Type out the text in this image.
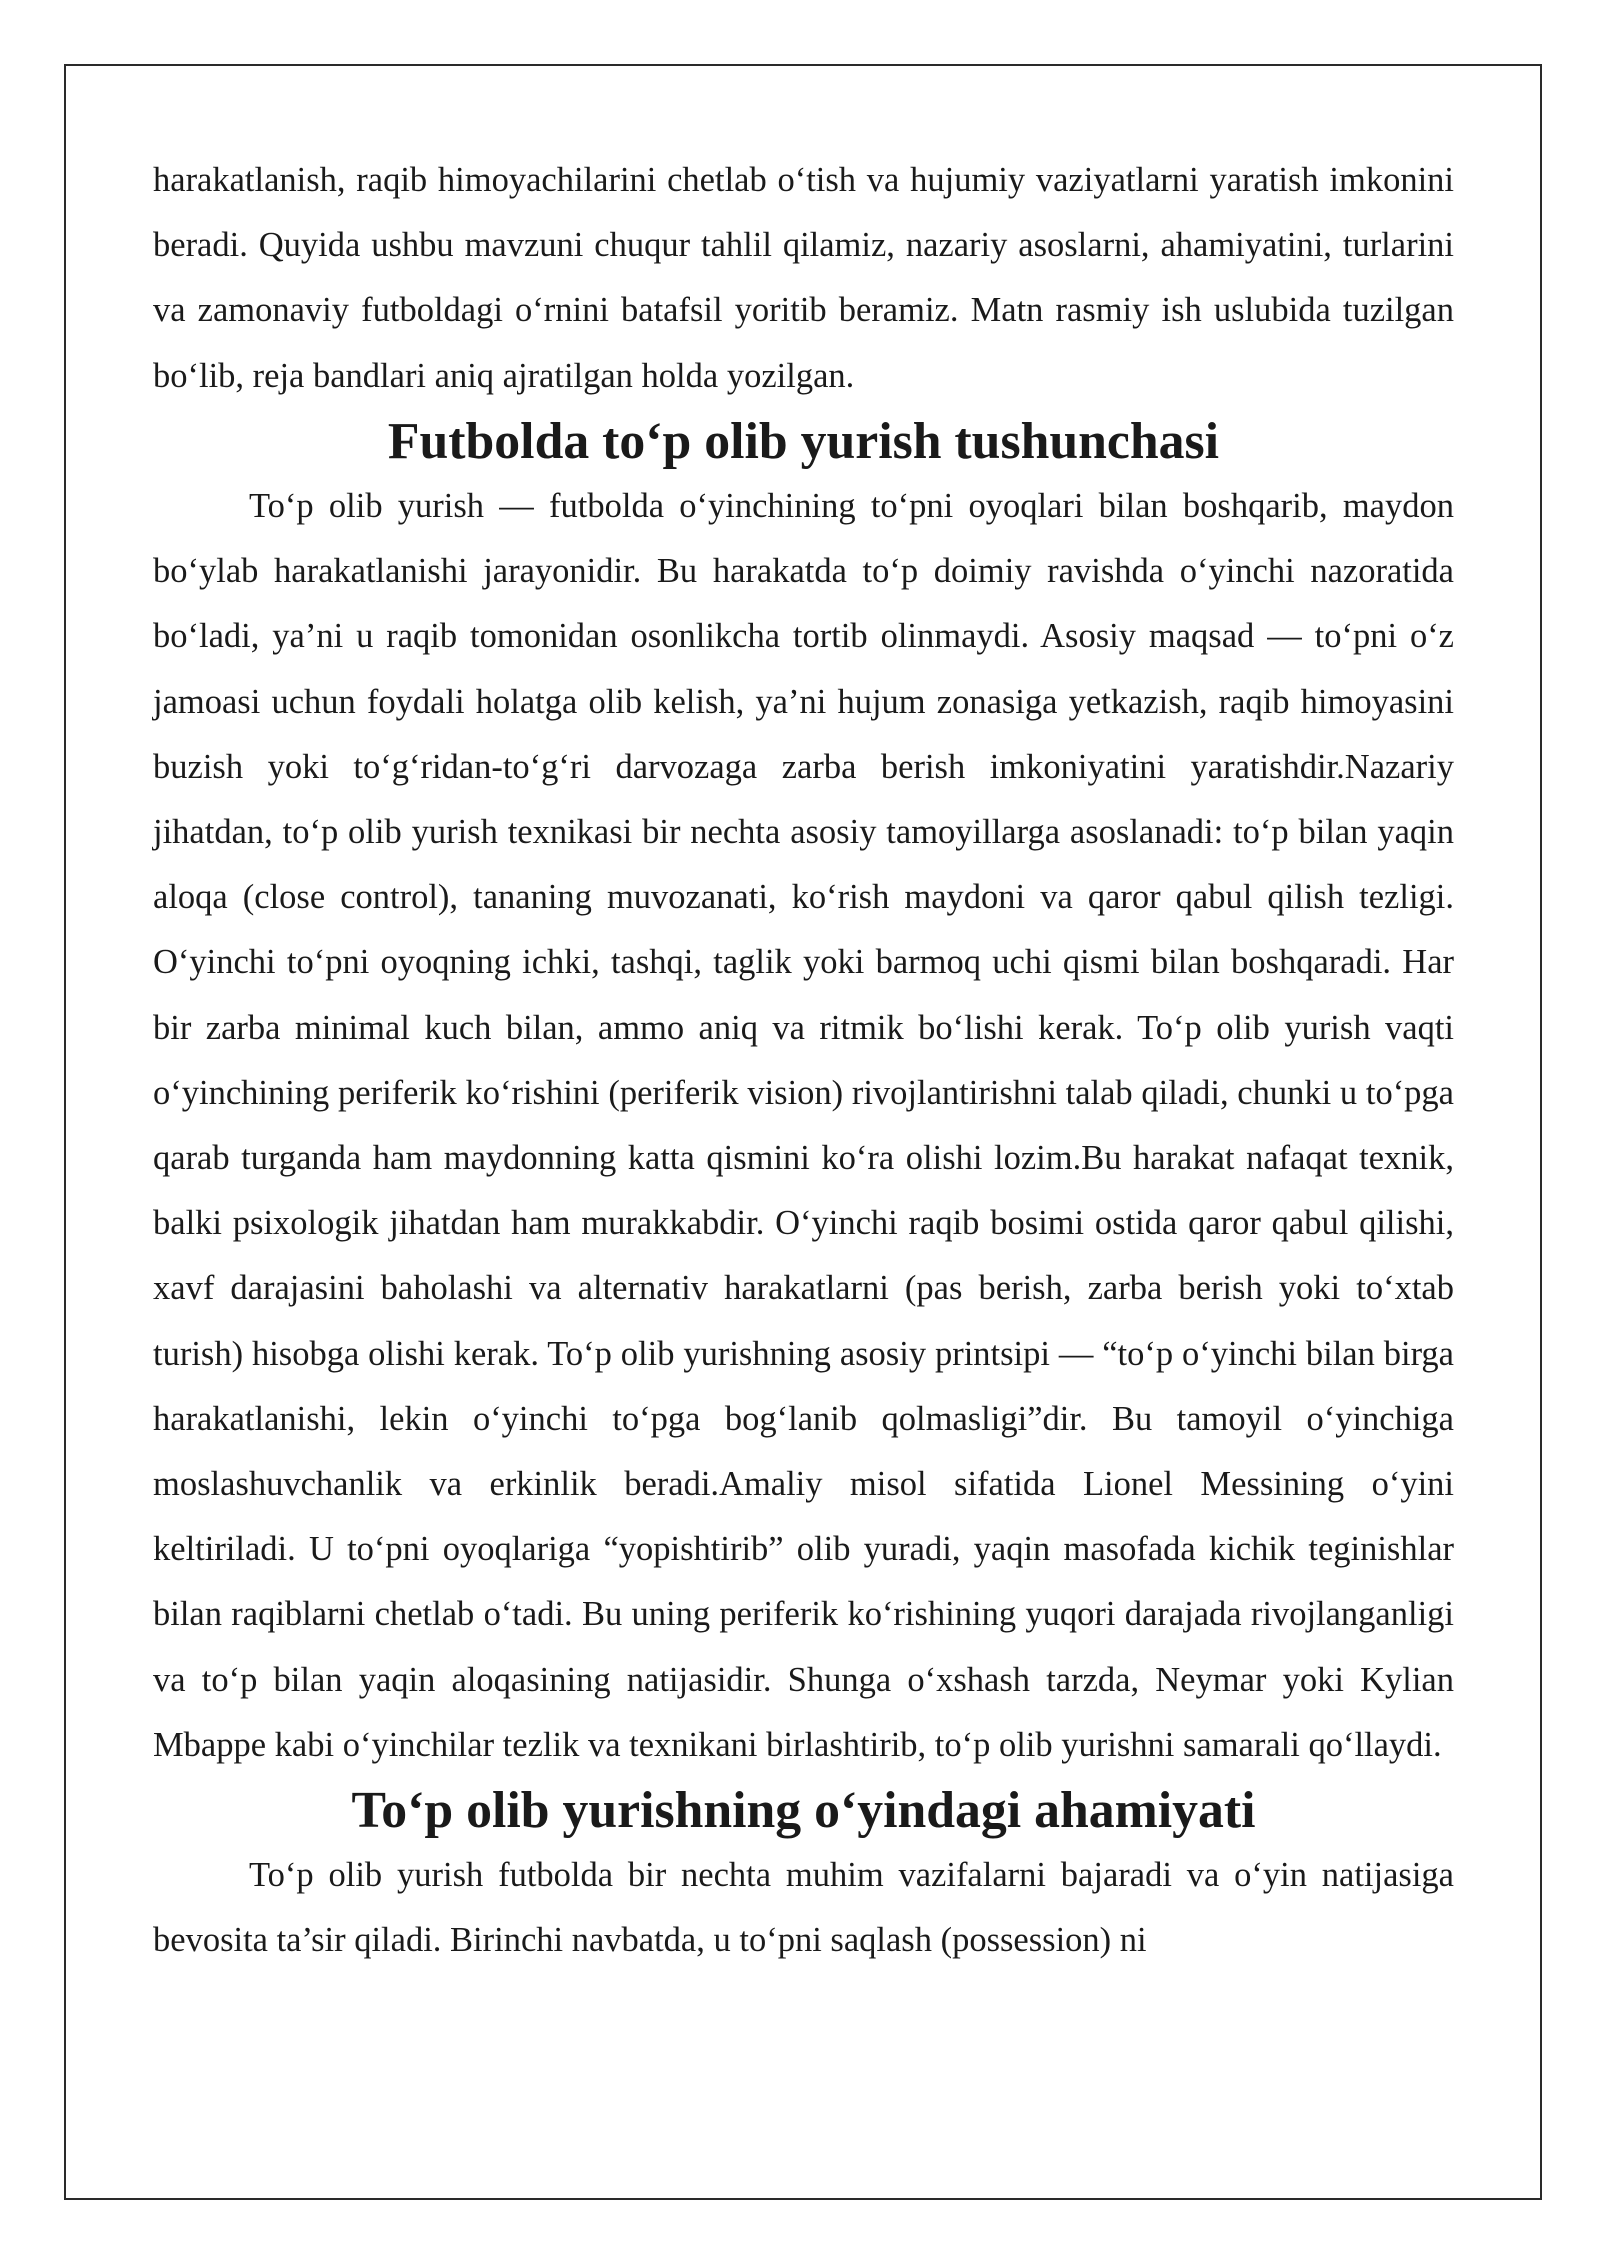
harakatlanish, raqib himoyachilarini chetlab o‘tish va hujumiy vaziyatlarni yaratish imkonini beradi. Quyida ushbu mavzuni chuqur tahlil qilamiz, nazariy asoslarni, ahamiyatini, turlarini va zamonaviy futboldagi o‘rnini batafsil yoritib beramiz. Matn rasmiy ish uslubida tuzilgan bo‘lib, reja bandlari aniq ajratilgan holda yozilgan.

Futbolda to‘p olib yurish tushunchasi

To‘p olib yurish — futbolda o‘yinchining to‘pni oyoqlari bilan boshqarib, maydon bo‘ylab harakatlanishi jarayonidir. Bu harakatda to‘p doimiy ravishda o‘yinchi nazoratida bo‘ladi, ya’ni u raqib tomonidan osonlikcha tortib olinmaydi. Asosiy maqsad — to‘pni o‘z jamoasi uchun foydali holatga olib kelish, ya’ni hujum zonasiga yetkazish, raqib himoyasini buzish yoki to‘g‘ridan-to‘g‘ri darvozaga zarba berish imkoniyatini yaratishdir.Nazariy jihatdan, to‘p olib yurish texnikasi bir nechta asosiy tamoyillarga asoslanadi: to‘p bilan yaqin aloqa (close control), tananing muvozanati, ko‘rish maydoni va qaror qabul qilish tezligi. O‘yinchi to‘pni oyoqning ichki, tashqi, taglik yoki barmoq uchi qismi bilan boshqaradi. Har bir zarba minimal kuch bilan, ammo aniq va ritmik bo‘lishi kerak. To‘p olib yurish vaqti o‘yinchining periferik ko‘rishini (periferik vision) rivojlantirishni talab qiladi, chunki u to‘pga qarab turganda ham maydonning katta qismini ko‘ra olishi lozim.Bu harakat nafaqat texnik, balki psixologik jihatdan ham murakkabdir. O‘yinchi raqib bosimi ostida qaror qabul qilishi, xavf darajasini baholashi va alternativ harakatlarni (pas berish, zarba berish yoki to‘xtab turish) hisobga olishi kerak. To‘p olib yurishning asosiy printsipi — “to‘p o‘yinchi bilan birga harakatlanishi, lekin o‘yinchi to‘pga bog‘lanib qolmasligi”dir. Bu tamoyil o‘yinchiga moslashuvchanlik va erkinlik beradi.Amaliy misol sifatida Lionel Messining o‘yini keltiriladi. U to‘pni oyoqlariga “yopishtirib” olib yuradi, yaqin masofada kichik teginishlar bilan raqiblarni chetlab o‘tadi. Bu uning periferik ko‘rishining yuqori darajada rivojlanganligi va to‘p bilan yaqin aloqasining natijasidir. Shunga o‘xshash tarzda, Neymar yoki Kylian Mbappe kabi o‘yinchilar tezlik va texnikani birlashtirib, to‘p olib yurishni samarali qo‘llaydi.

To‘p olib yurishning o‘yindagi ahamiyati

To‘p olib yurish futbolda bir nechta muhim vazifalarni bajaradi va o‘yin natijasiga bevosita ta’sir qiladi. Birinchi navbatda, u to‘pni saqlash (possession) ni
